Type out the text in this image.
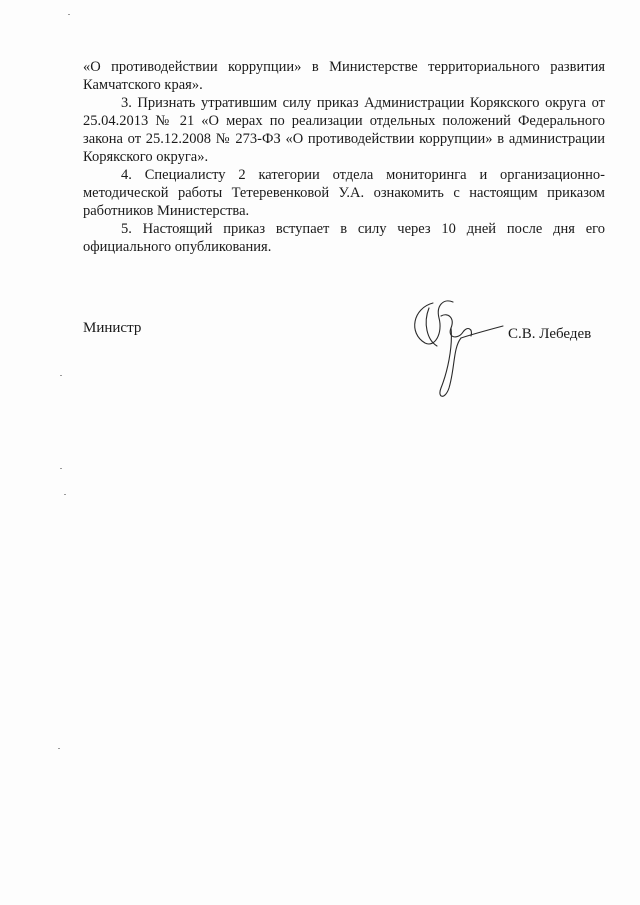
«О противодействии коррупции» в Министерстве территориального развития Камчатского края».

3. Признать утратившим силу приказ Администрации Корякского округа от 25.04.2013 № 21 «О мерах по реализации отдельных положений Федерального закона от 25.12.2008 № 273-ФЗ «О противодействии коррупции» в администрации Корякского округа».

4. Специалисту 2 категории отдела мониторинга и организационно-методической работы Тетеревенковой У.А. ознакомить с настоящим приказом работников Министерства.

5. Настоящий приказ вступает в силу через 10 дней после дня его официального опубликования.

Министр	С.В. Лебедев
